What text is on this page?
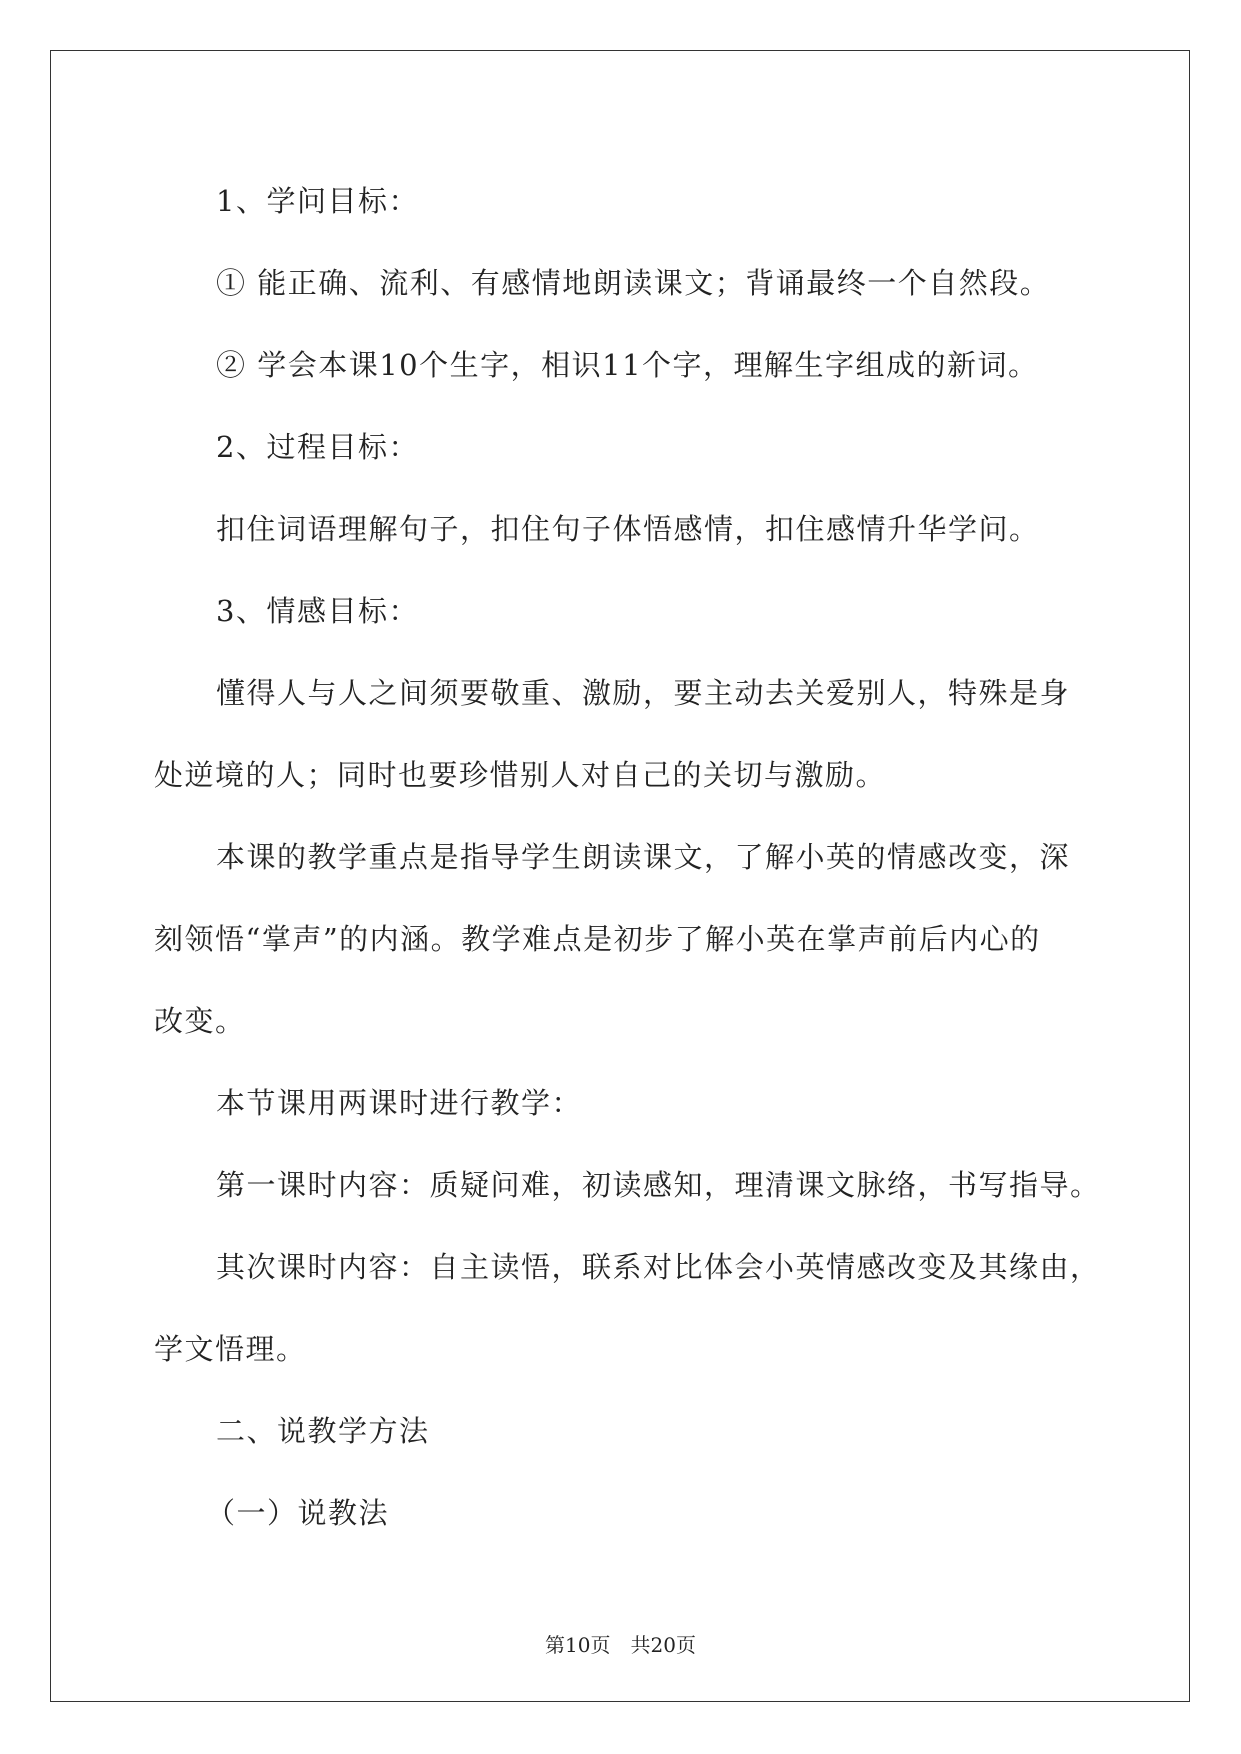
1、学问目标：
① 能正确、流利、有感情地朗读课文；背诵最终一个自然段。
② 学会本课10个生字，相识11个字，理解生字组成的新词。
2、过程目标：
扣住词语理解句子，扣住句子体悟感情，扣住感情升华学问。
3、情感目标：
懂得人与人之间须要敬重、激励，要主动去关爱别人，特殊是身
处逆境的人；同时也要珍惜别人对自己的关切与激励。
本课的教学重点是指导学生朗读课文，了解小英的情感改变，深
刻领悟“掌声”的内涵。教学难点是初步了解小英在掌声前后内心的
改变。
本节课用两课时进行教学：
第一课时内容：质疑问难，初读感知，理清课文脉络，书写指导。
其次课时内容：自主读悟，联系对比体会小英情感改变及其缘由，
学文悟理。
二、说教学方法
（一）说教法
第10页 共20页
